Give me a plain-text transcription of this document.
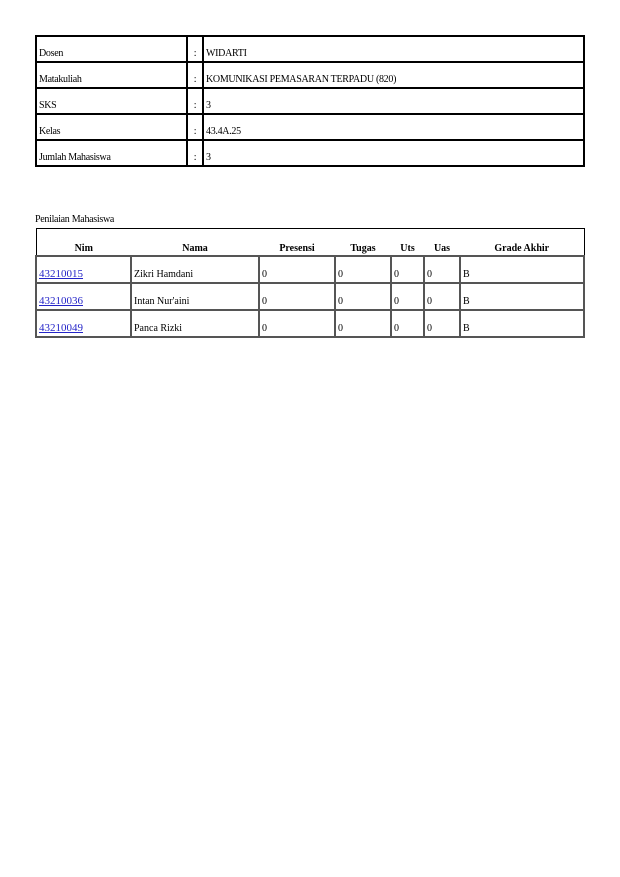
Dosen	:	WIDARTI
Matakuliah	:	KOMUNIKASI PEMASARAN TERPADU (820)
SKS	:	3
Kelas	:	43.4A.25
Jumlah Mahasiswa	:	3

Penilaian Mahasiswa

Nim	Nama	Presensi	Tugas	Uts	Uas	Grade Akhir
43210015	Zikri Hamdani	0	0	0	0	B
43210036	Intan Nur'aini	0	0	0	0	B
43210049	Panca Rizki	0	0	0	0	B
